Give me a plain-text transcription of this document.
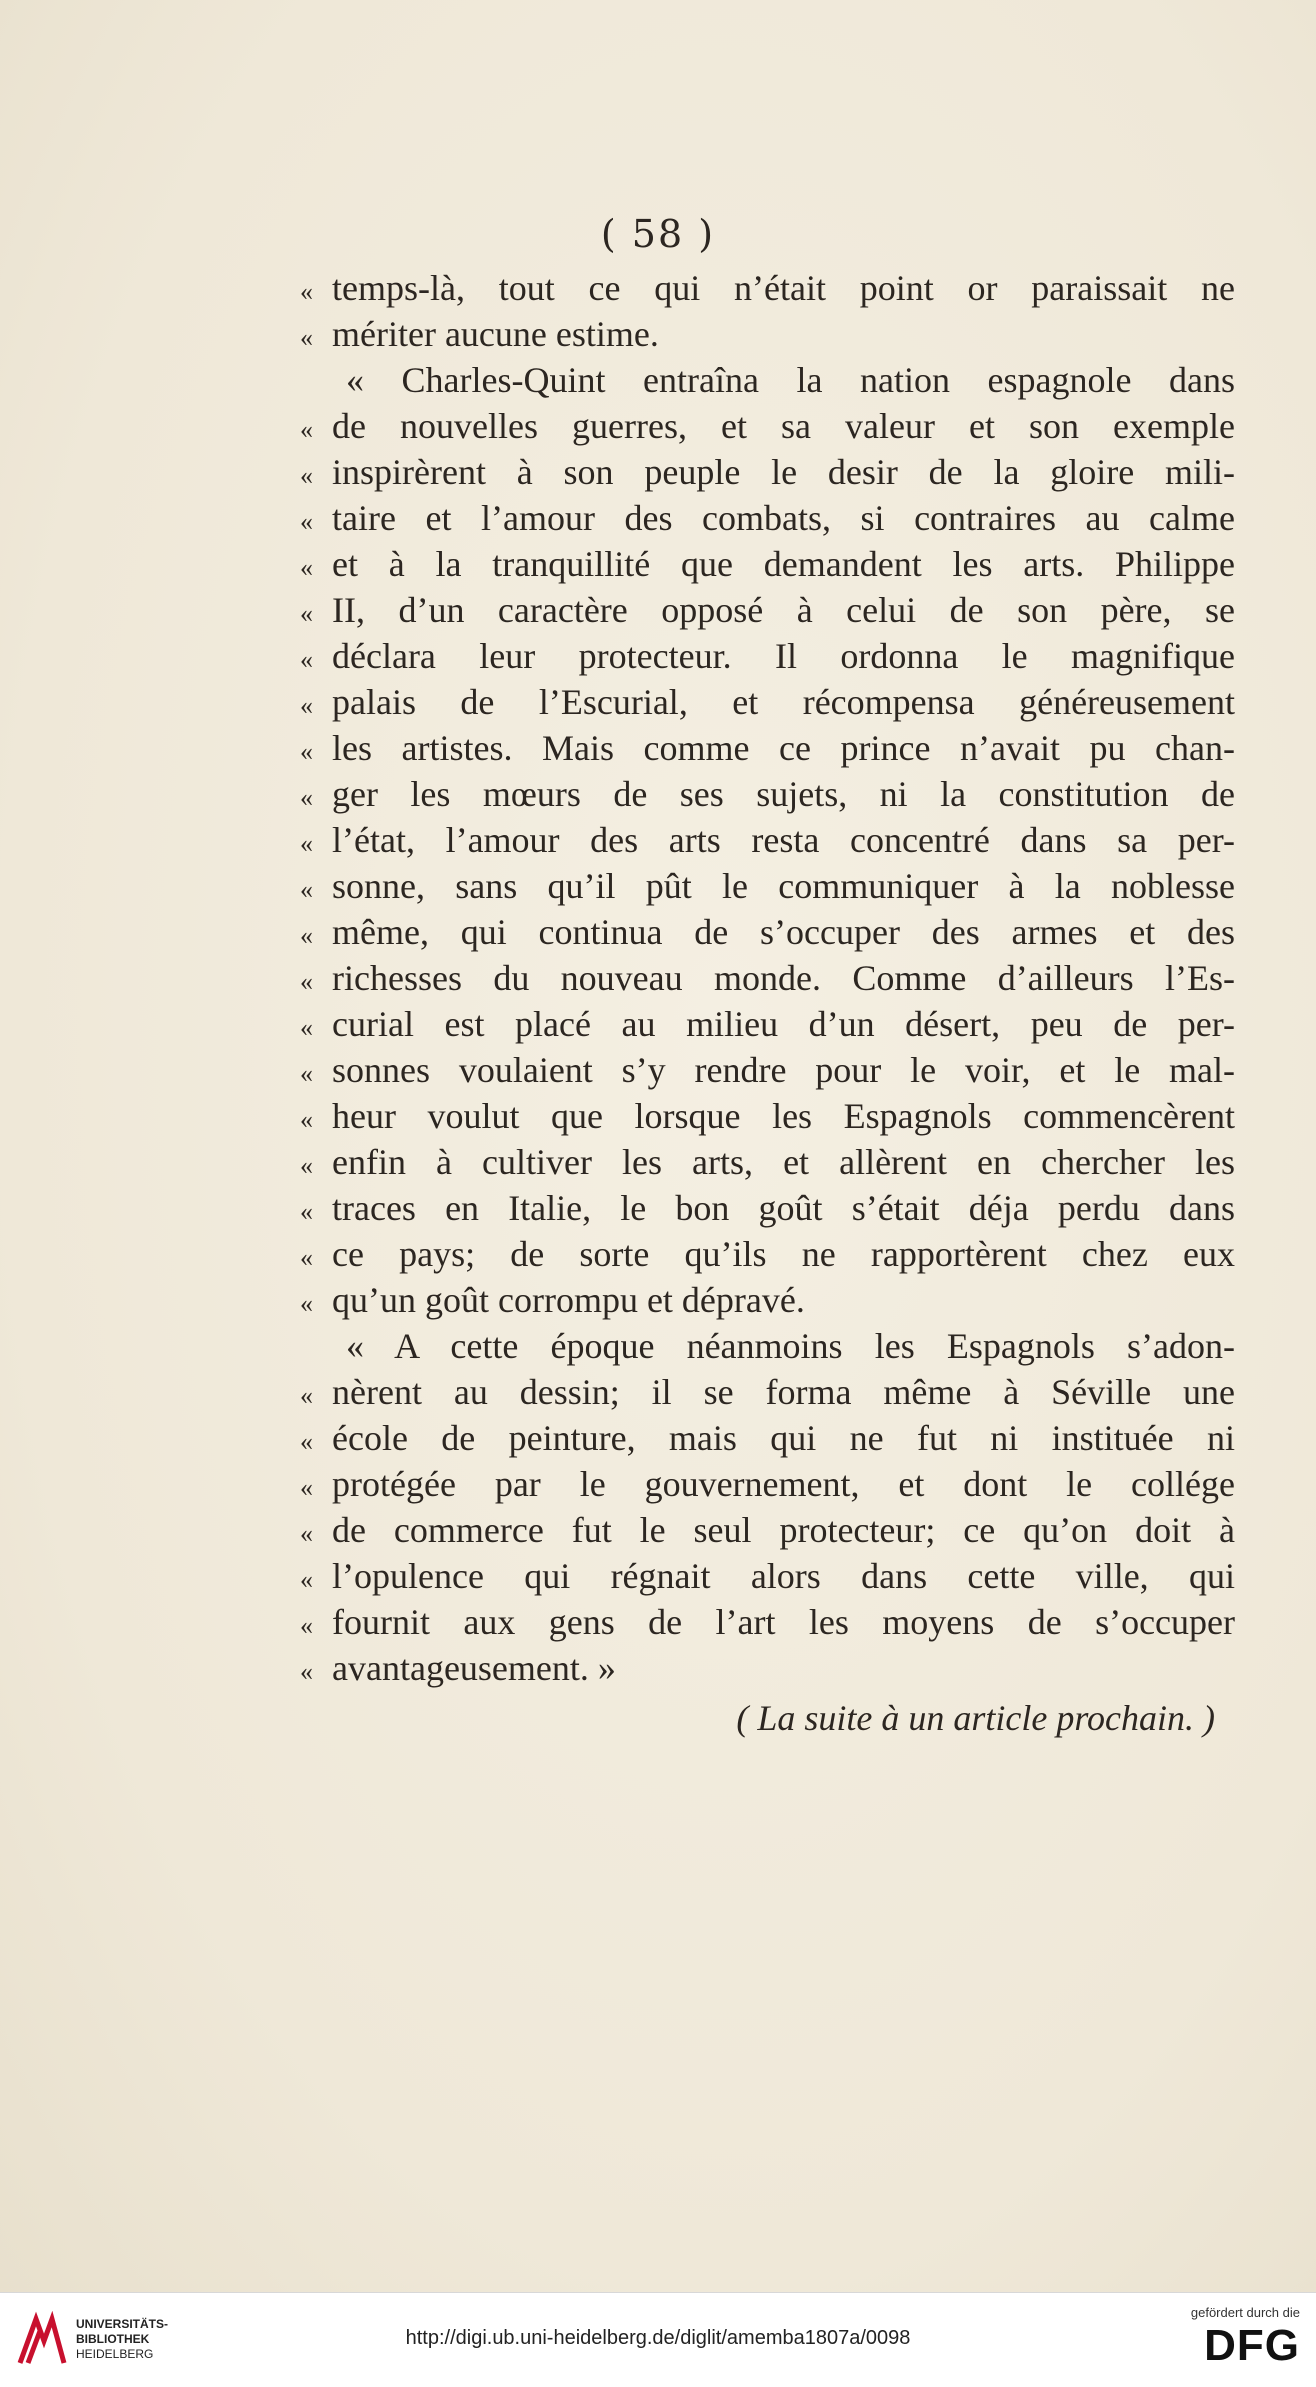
( 58 )
« temps-là, tout ce qui n’était point or paraissait ne
« mériter aucune estime.
« Charles-Quint entraîna la nation espagnole dans
« de nouvelles guerres, et sa valeur et son exemple
« inspirèrent à son peuple le desir de la gloire mili-
« taire et l’amour des combats, si contraires au calme
« et à la tranquillité que demandent les arts. Philippe
« II, d’un caractère opposé à celui de son père, se
« déclara leur protecteur. Il ordonna le magnifique
« palais de l’Escurial, et récompensa généreusement
« les artistes. Mais comme ce prince n’avait pu chan-
« ger les mœurs de ses sujets, ni la constitution de
« l’état, l’amour des arts resta concentré dans sa per-
« sonne, sans qu’il pût le communiquer à la noblesse
« même, qui continua de s’occuper des armes et des
« richesses du nouveau monde. Comme d’ailleurs l’Es-
« curial est placé au milieu d’un désert, peu de per-
« sonnes voulaient s’y rendre pour le voir, et le mal-
« heur voulut que lorsque les Espagnols commencèrent
« enfin à cultiver les arts, et allèrent en chercher les
« traces en Italie, le bon goût s’était déja perdu dans
« ce pays; de sorte qu’ils ne rapportèrent chez eux
« qu’un goût corrompu et dépravé.
« A cette époque néanmoins les Espagnols s’adon-
« nèrent au dessin; il se forma même à Séville une
« école de peinture, mais qui ne fut ni instituée ni
« protégée par le gouvernement, et dont le collége
« de commerce fut le seul protecteur; ce qu’on doit à
« l’opulence qui régnait alors dans cette ville, qui
« fournit aux gens de l’art les moyens de s’occuper
« avantageusement. »
( La suite à un article prochain. )
UNIVERSITÄTS-
BIBLIOTHEK
HEIDELBERG
http://digi.ub.uni-heidelberg.de/diglit/amemba1807a/0098
gefördert durch die
DFG
